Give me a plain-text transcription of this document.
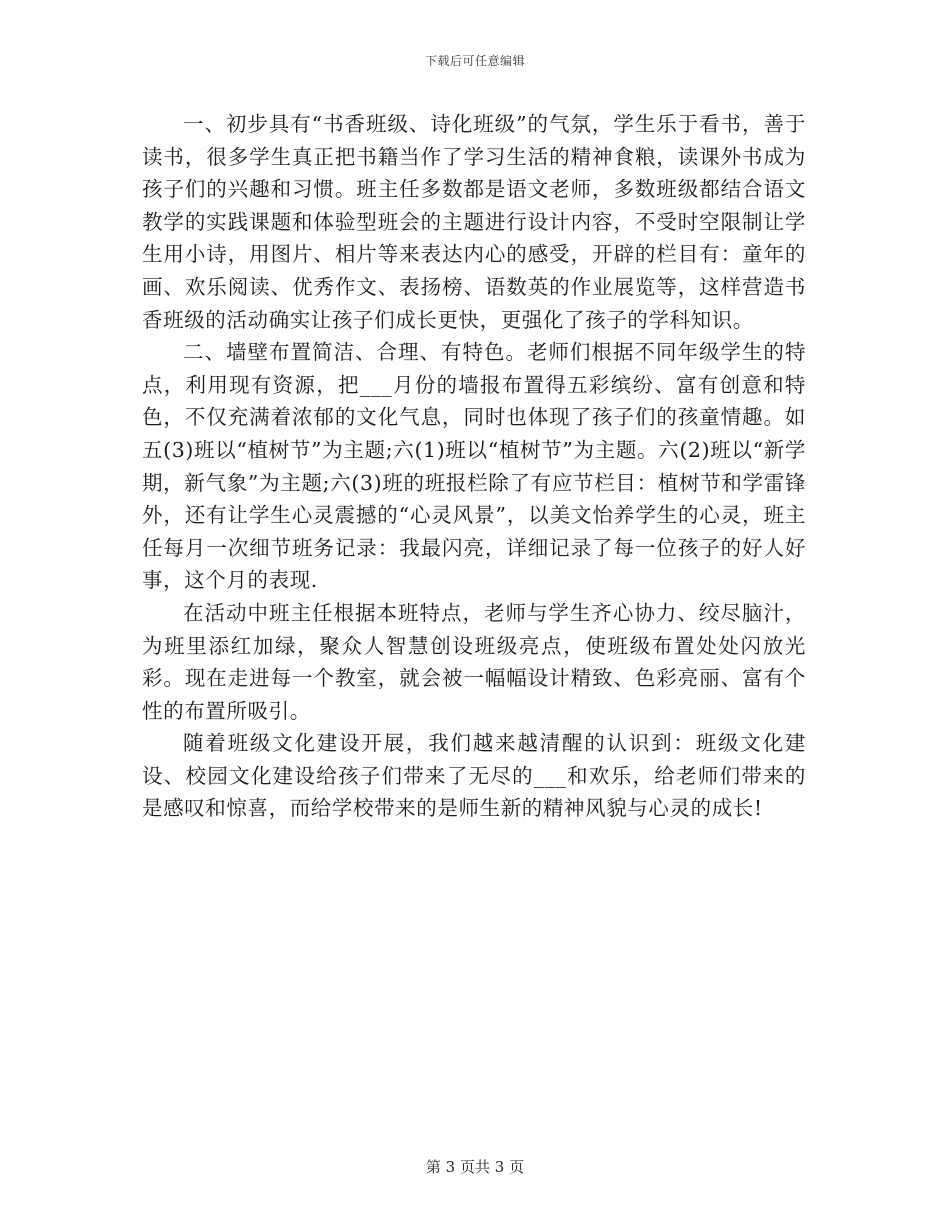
下载后可任意编辑

一、初步具有“书香班级、诗化班级”的气氛，学生乐于看书，善于读书，很多学生真正把书籍当作了学习生活的精神食粮，读课外书成为孩子们的兴趣和习惯。班主任多数都是语文老师，多数班级都结合语文教学的实践课题和体验型班会的主题进行设计内容，不受时空限制让学生用小诗，用图片、相片等来表达内心的感受，开辟的栏目有：童年的画、欢乐阅读、优秀作文、表扬榜、语数英的作业展览等，这样营造书香班级的活动确实让孩子们成长更快，更强化了孩子的学科知识。

二、墙壁布置简洁、合理、有特色。老师们根据不同年级学生的特点，利用现有资源，把___月份的墙报布置得五彩缤纷、富有创意和特色，不仅充满着浓郁的文化气息，同时也体现了孩子们的孩童情趣。如五(3)班以“植树节”为主题;六(1)班以“植树节”为主题。六(2)班以“新学期，新气象”为主题;六(3)班的班报栏除了有应节栏目：植树节和学雷锋外，还有让学生心灵震撼的“心灵风景”，以美文怡养学生的心灵，班主任每月一次细节班务记录：我最闪亮，详细记录了每一位孩子的好人好事，这个月的表现.

在活动中班主任根据本班特点，老师与学生齐心协力、绞尽脑汁，为班里添红加绿，聚众人智慧创设班级亮点，使班级布置处处闪放光彩。现在走进每一个教室，就会被一幅幅设计精致、色彩亮丽、富有个性的布置所吸引。

随着班级文化建设开展，我们越来越清醒的认识到：班级文化建设、校园文化建设给孩子们带来了无尽的___和欢乐，给老师们带来的是感叹和惊喜，而给学校带来的是师生新的精神风貌与心灵的成长!

第 3 页共 3 页
